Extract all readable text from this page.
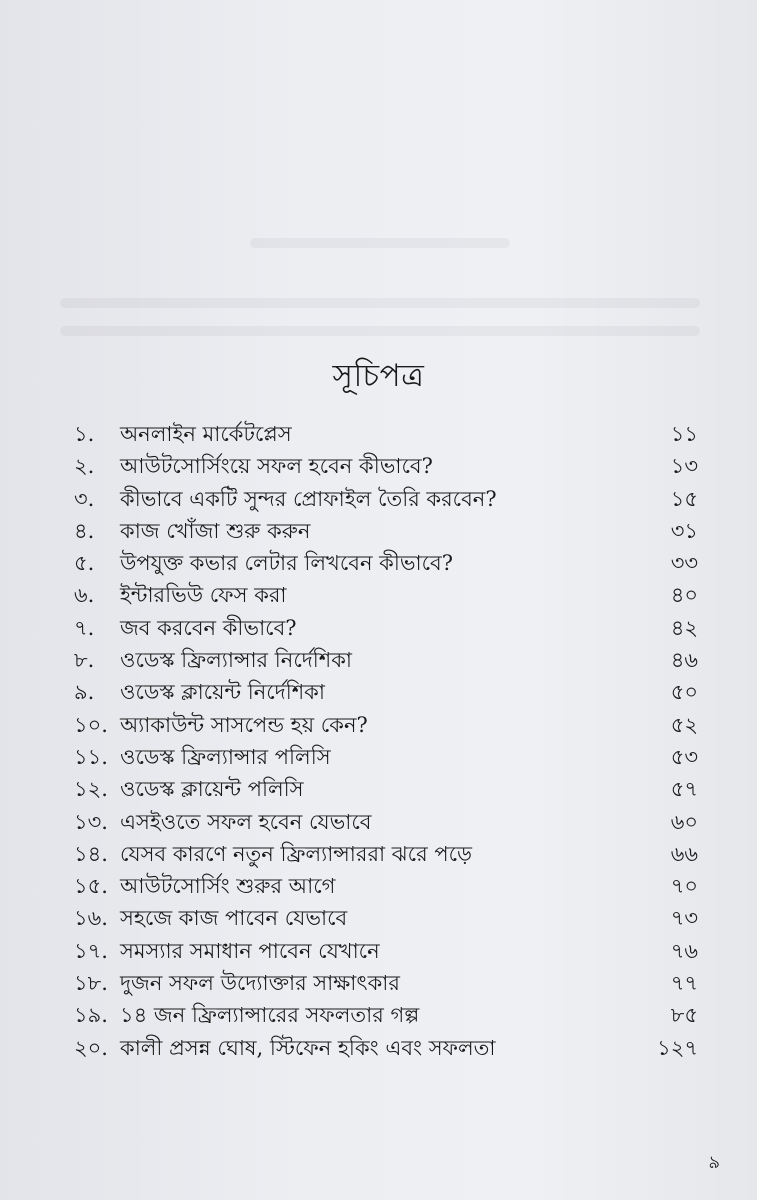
সূচিপত্র
১. অনলাইন মার্কেটপ্লেস	১১
২. আউটসোর্সিংয়ে সফল হবেন কীভাবে?	১৩
৩. কীভাবে একটি সুন্দর প্রোফাইল তৈরি করবেন?	১৫
৪. কাজ খোঁজা শুরু করুন	৩১
৫. উপযুক্ত কভার লেটার লিখবেন কীভাবে?	৩৩
৬. ইন্টারভিউ ফেস করা	৪০
৭. জব করবেন কীভাবে?	৪২
৮. ওডেস্ক ফ্রিল্যান্সার নির্দেশিকা	৪৬
৯. ওডেস্ক ক্লায়েন্ট নির্দেশিকা	৫০
১০. অ্যাকাউন্ট সাসপেন্ড হয় কেন?	৫২
১১. ওডেস্ক ফ্রিল্যান্সার পলিসি	৫৩
১২. ওডেস্ক ক্লায়েন্ট পলিসি	৫৭
১৩. এসইওতে সফল হবেন যেভাবে	৬০
১৪. যেসব কারণে নতুন ফ্রিল্যান্সাররা ঝরে পড়ে	৬৬
১৫. আউটসোর্সিং শুরুর আগে	৭০
১৬. সহজে কাজ পাবেন যেভাবে	৭৩
১৭. সমস্যার সমাধান পাবেন যেখানে	৭৬
১৮. দুজন সফল উদ্যোক্তার সাক্ষাৎকার	৭৭
১৯. ১৪ জন ফ্রিল্যান্সারের সফলতার গল্প	৮৫
২০. কালী প্রসন্ন ঘোষ, স্টিফেন হকিং এবং সফলতা	১২৭
৯
